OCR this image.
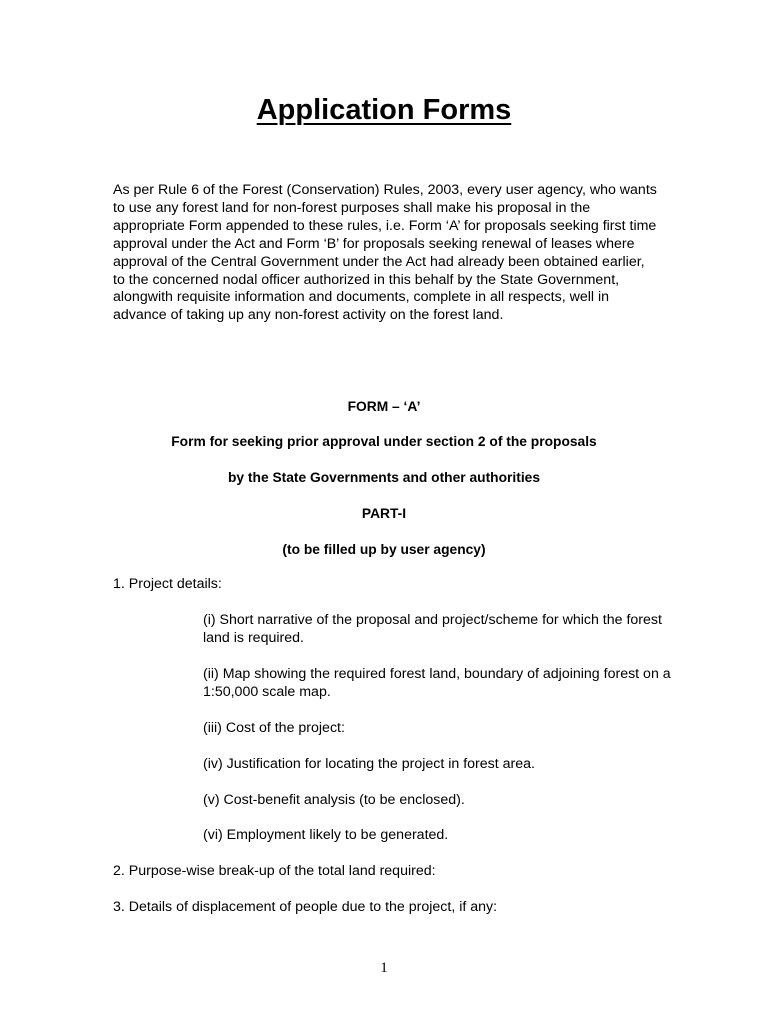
Application Forms

As per Rule 6 of the Forest (Conservation) Rules, 2003, every user agency, who wants to use any forest land for non-forest purposes shall make his proposal in the appropriate Form appended to these rules, i.e. Form ‘A’ for proposals seeking first time approval under the Act and Form ‘B’ for proposals seeking renewal of leases where approval of the Central Government under the Act had already been obtained earlier, to the concerned nodal officer authorized in this behalf by the State Government, alongwith requisite information and documents, complete in all respects, well in advance of taking up any non-forest activity on the forest land.

FORM – ‘A’

Form for seeking prior approval under section 2 of the proposals

by the State Governments and other authorities

PART-I

(to be filled up by user agency)

1. Project details:

(i) Short narrative of the proposal and project/scheme for which the forest land is required.

(ii) Map showing the required forest land, boundary of adjoining forest on a 1:50,000 scale map.

(iii) Cost of the project:

(iv) Justification for locating the project in forest area.

(v) Cost-benefit analysis (to be enclosed).

(vi) Employment likely to be generated.

2. Purpose-wise break-up of the total land required:

3. Details of displacement of people due to the project, if any:

1
